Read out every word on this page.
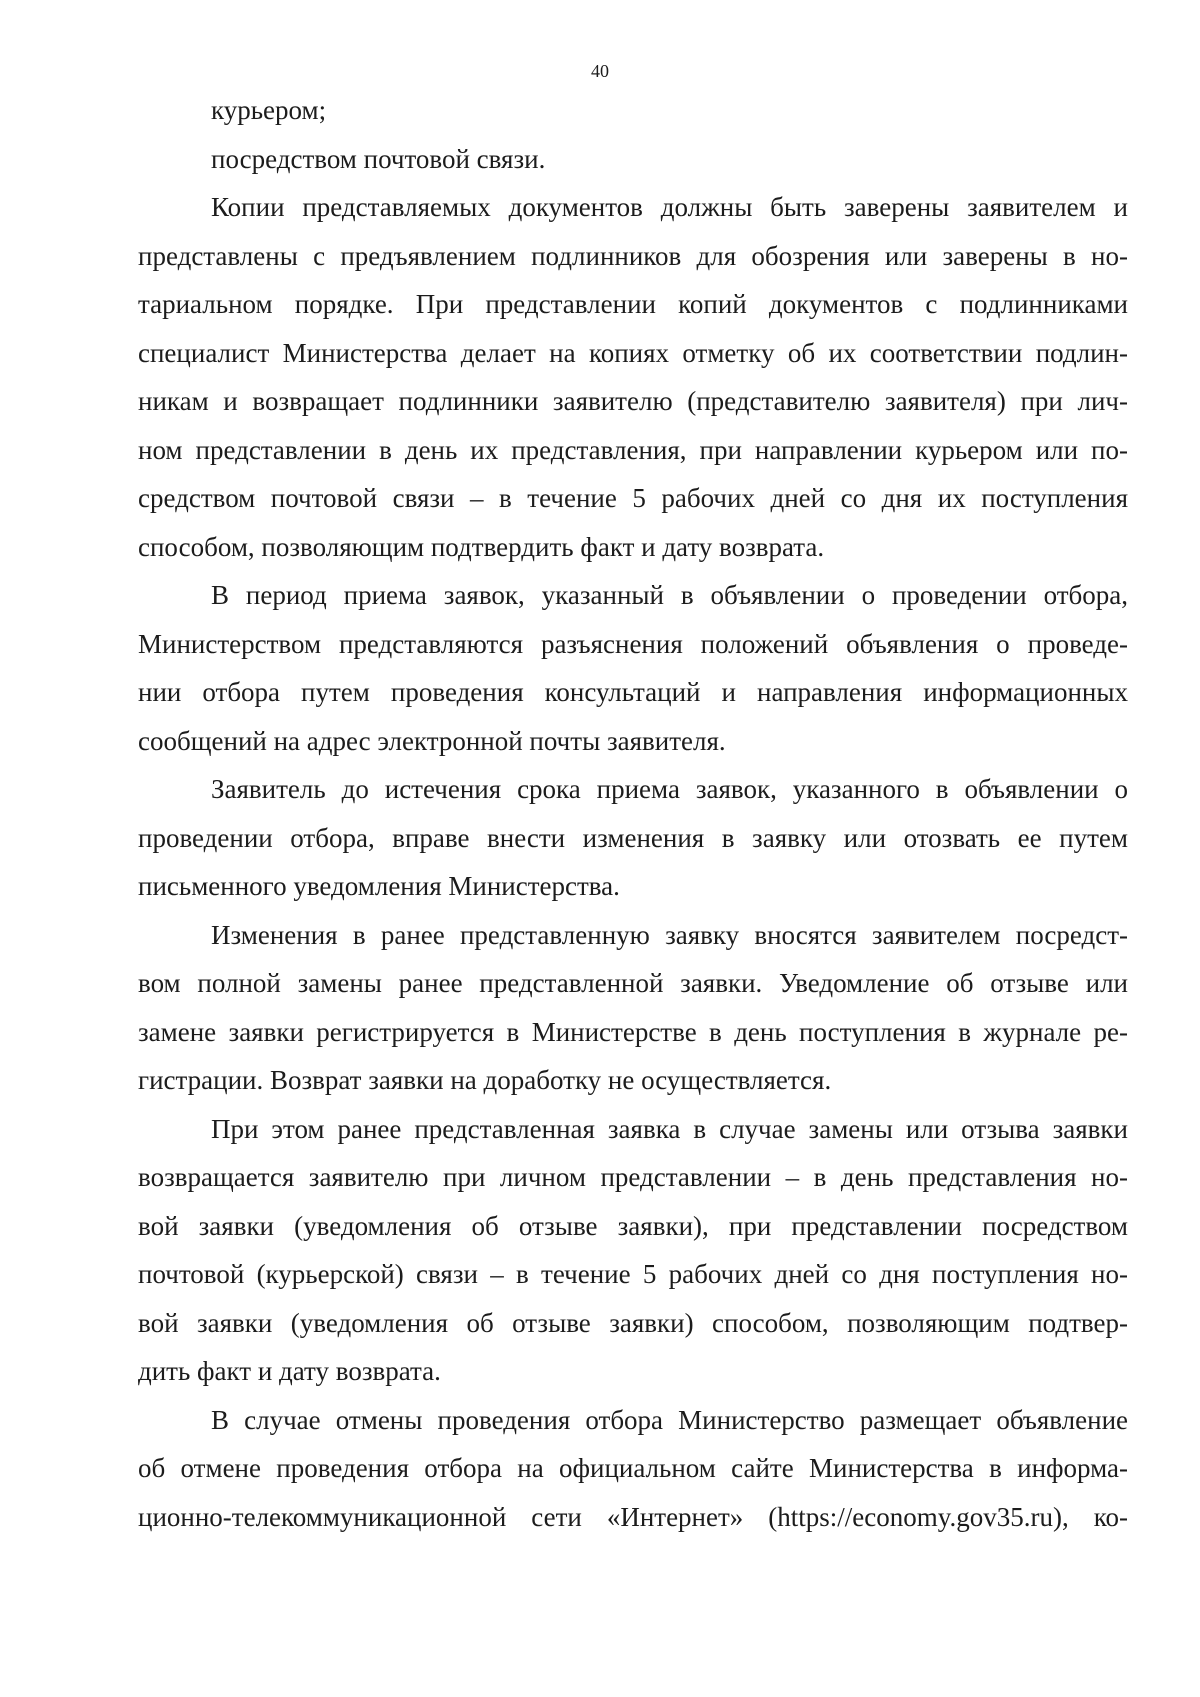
40

курьером;
посредством почтовой связи.
Копии представляемых документов должны быть заверены заявителем и
представлены с предъявлением подлинников для обозрения или заверены в но-
тариальном порядке. При представлении копий документов с подлинниками
специалист Министерства делает на копиях отметку об их соответствии подлин-
никам и возвращает подлинники заявителю (представителю заявителя) при лич-
ном представлении в день их представления, при направлении курьером или по-
средством почтовой связи – в течение 5 рабочих дней со дня их поступления
способом, позволяющим подтвердить факт и дату возврата.
В период приема заявок, указанный в объявлении о проведении отбора,
Министерством представляются разъяснения положений объявления о проведе-
нии отбора путем проведения консультаций и направления информационных
сообщений на адрес электронной почты заявителя.
Заявитель до истечения срока приема заявок, указанного в объявлении о
проведении отбора, вправе внести изменения в заявку или отозвать ее путем
письменного уведомления Министерства.
Изменения в ранее представленную заявку вносятся заявителем посредст-
вом полной замены ранее представленной заявки. Уведомление об отзыве или
замене заявки регистрируется в Министерстве в день поступления в журнале ре-
гистрации. Возврат заявки на доработку не осуществляется.
При этом ранее представленная заявка в случае замены или отзыва заявки
возвращается заявителю при личном представлении – в день представления но-
вой заявки (уведомления об отзыве заявки), при представлении посредством
почтовой (курьерской) связи – в течение 5 рабочих дней со дня поступления но-
вой заявки (уведомления об отзыве заявки) способом, позволяющим подтвер-
дить факт и дату возврата.
В случае отмены проведения отбора Министерство размещает объявление
об отмене проведения отбора на официальном сайте Министерства в информа-
ционно-телекоммуникационной сети «Интернет» (https://economy.gov35.ru), ко-
